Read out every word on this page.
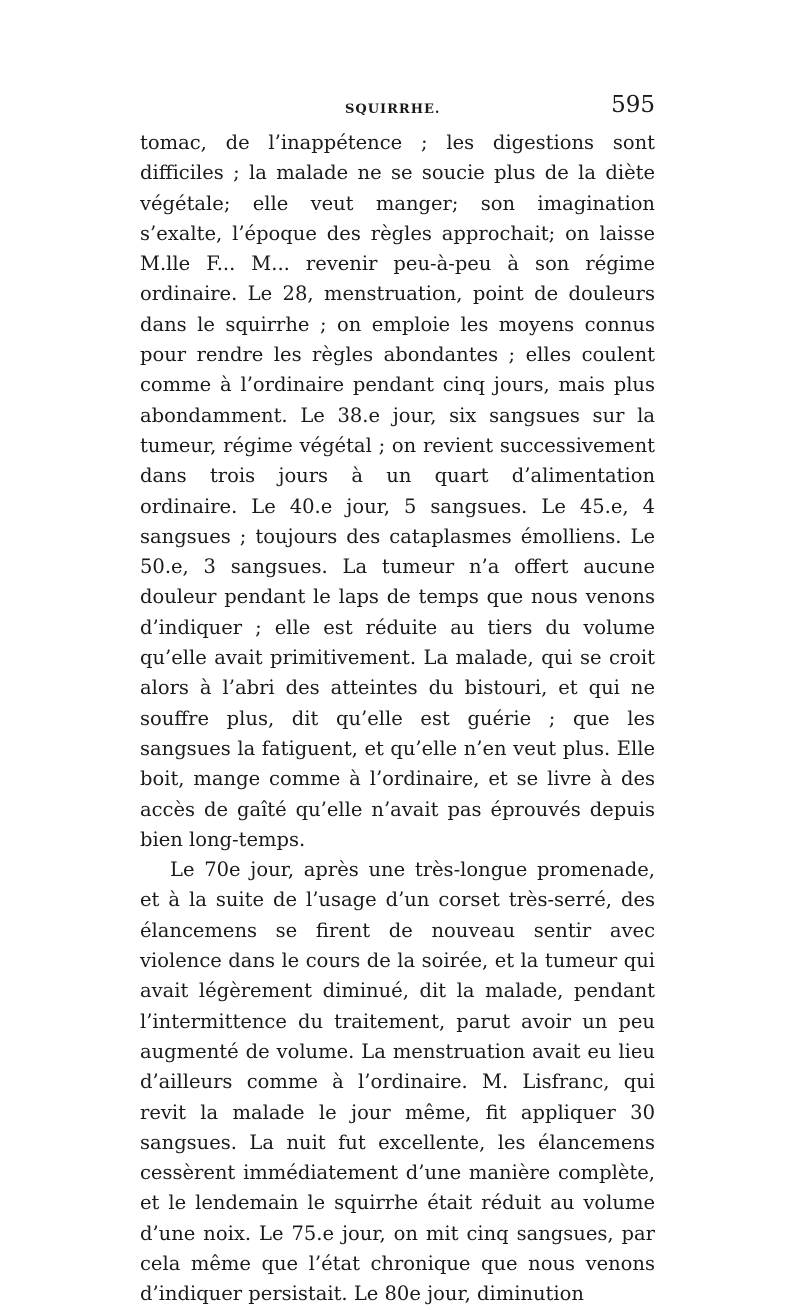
SQUIRRHE.	595

tomac, de l’inappétence ; les digestions sont difficiles ; la malade ne se soucie plus de la diète végétale; elle veut manger; son imagination s’exalte, l’époque des règles approchait; on laisse M.lle F... M... revenir peu-à-peu à son régime ordinaire. Le 28, menstruation, point de douleurs dans le squirrhe ; on emploie les moyens connus pour rendre les règles abondantes ; elles coulent comme à l’ordinaire pendant cinq jours, mais plus abondamment. Le 38.e jour, six sangsues sur la tumeur, régime végétal ; on revient successivement dans trois jours à un quart d’alimentation ordinaire. Le 40.e jour, 5 sangsues. Le 45.e, 4 sangsues ; toujours des cataplasmes émolliens. Le 50.e, 3 sangsues. La tumeur n’a offert aucune douleur pendant le laps de temps que nous venons d’indiquer ; elle est réduite au tiers du volume qu’elle avait primitivement. La malade, qui se croit alors à l’abri des atteintes du bistouri, et qui ne souffre plus, dit qu’elle est guérie ; que les sangsues la fatiguent, et qu’elle n’en veut plus. Elle boit, mange comme à l’ordinaire, et se livre à des accès de gaîté qu’elle n’avait pas éprouvés depuis bien long-temps.

Le 70e jour, après une très-longue promenade, et à la suite de l’usage d’un corset très-serré, des élancemens se firent de nouveau sentir avec violence dans le cours de la soirée, et la tumeur qui avait légèrement diminué, dit la malade, pendant l’intermittence du traitement, parut avoir un peu augmenté de volume. La menstruation avait eu lieu d’ailleurs comme à l’ordinaire. M. Lisfranc, qui revit la malade le jour même, fit appliquer 30 sangsues. La nuit fut excellente, les élancemens cessèrent immédiatement d’une manière complète, et le lendemain le squirrhe était réduit au volume d’une noix. Le 75.e jour, on mit cinq sangsues, par cela même que l’état chronique que nous venons d’indiquer persistait. Le 80e jour, diminution
